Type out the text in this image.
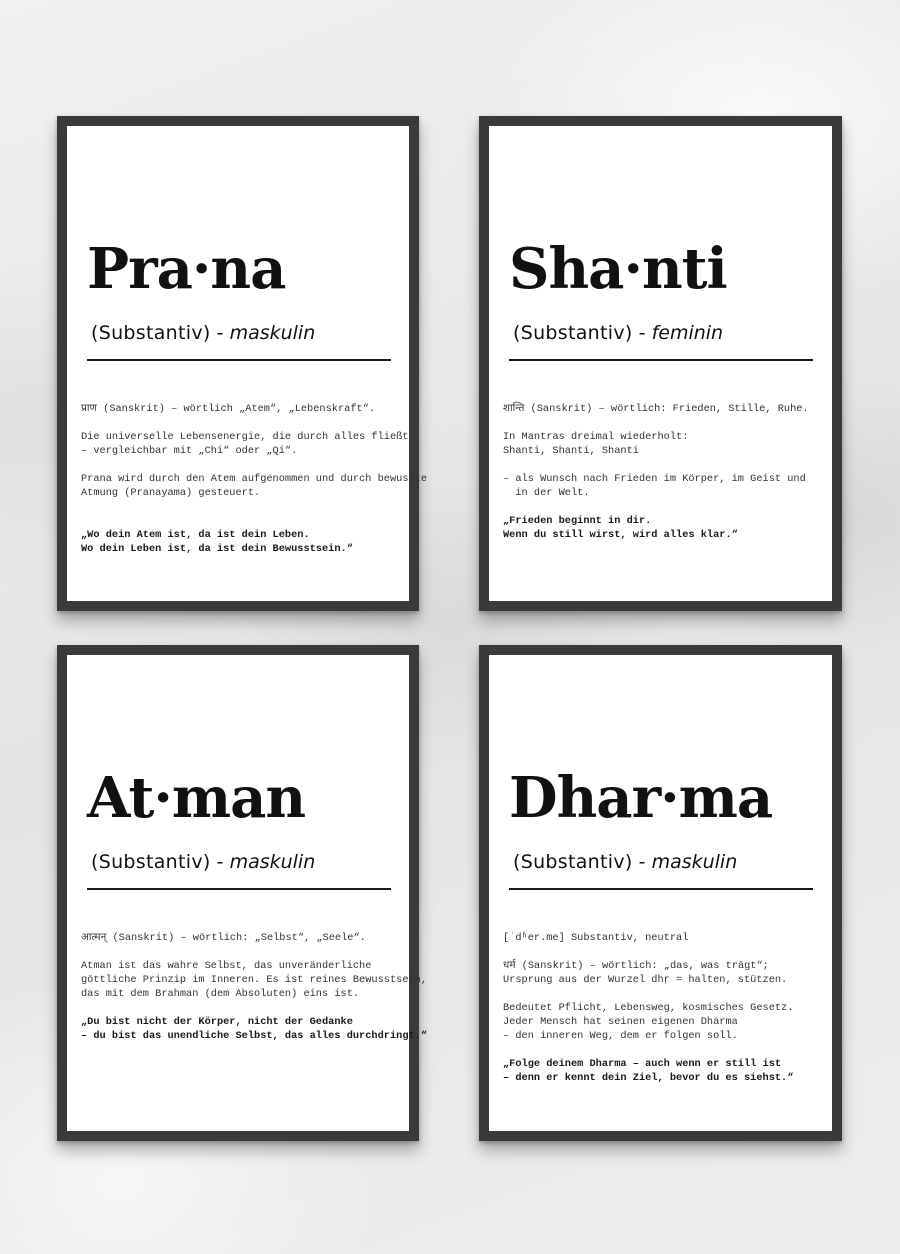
Pra·na
(Substantiv) - maskulin
प्राण (Sanskrit) – wörtlich „Atem“, „Lebenskraft“.
Die universelle Lebensenergie, die durch alles fließt
– vergleichbar mit „Chi“ oder „Qi“.
Prana wird durch den Atem aufgenommen und durch bewusste
Atmung (Pranayama) gesteuert.
„Wo dein Atem ist, da ist dein Leben.
Wo dein Leben ist, da ist dein Bewusstsein.“
Sha·nti
(Substantiv) - feminin
शान्ति (Sanskrit) – wörtlich: Frieden, Stille, Ruhe.
In Mantras dreimal wiederholt:
Shanti, Shanti, Shanti
– als Wunsch nach Frieden im Körper, im Geist und
in der Welt.
„Frieden beginnt in dir.
Wenn du still wirst, wird alles klar.“
At·man
(Substantiv) - maskulin
आत्मन् (Sanskrit) – wörtlich: „Selbst“, „Seele“.
Atman ist das wahre Selbst, das unveränderliche
göttliche Prinzip im Inneren. Es ist reines Bewusstsein,
das mit dem Brahman (dem Absoluten) eins ist.
„Du bist nicht der Körper, nicht der Gedanke
– du bist das unendliche Selbst, das alles durchdringt.“
Dhar·ma
(Substantiv) - maskulin
[ˈdʱer.me] Substantiv, neutral
धर्म (Sanskrit) – wörtlich: „das, was trägt“;
Ursprung aus der Wurzel dhṛ = halten, stützen.
Bedeutet Pflicht, Lebensweg, kosmisches Gesetz.
Jeder Mensch hat seinen eigenen Dharma
– den inneren Weg, dem er folgen soll.
„Folge deinem Dharma – auch wenn er still ist
– denn er kennt dein Ziel, bevor du es siehst.“
